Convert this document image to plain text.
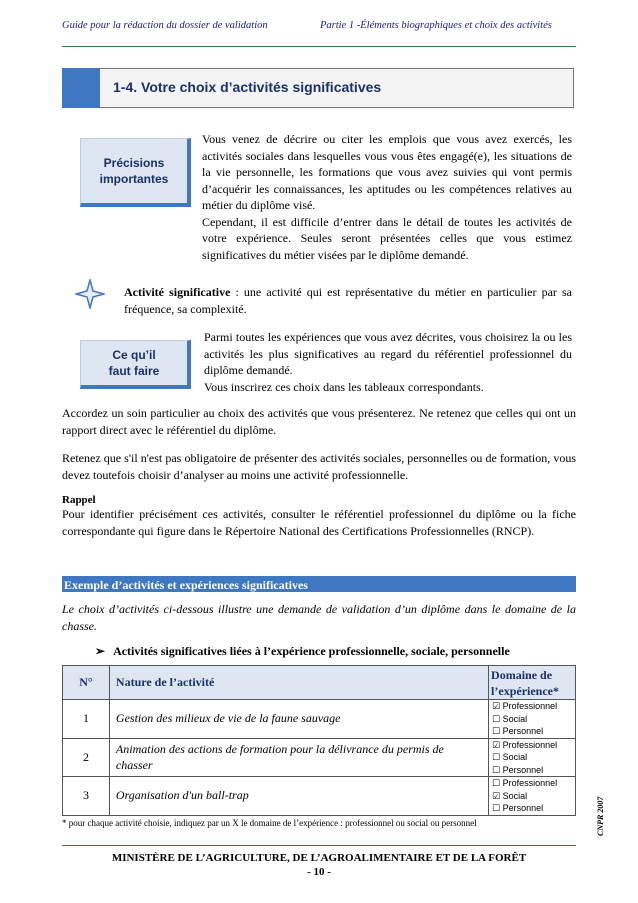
Guide pour la rédaction du dossier de validation	Partie 1 -Éléments biographiques et choix des activités
1-4. Votre choix d’activités significatives
Précisions
importantes
Vous venez de décrire ou citer les emplois que vous avez exercés, les activités sociales dans lesquelles vous vous êtes engagé(e), les situations de la vie personnelle, les formations que vous avez suivies qui vont permis d’acquérir les connaissances, les aptitudes ou les compétences relatives au métier du diplôme visé.
Cependant, il est difficile d’entrer dans le détail de toutes les activités de votre expérience. Seules seront présentées celles que vous estimez significatives du métier visées par le diplôme demandé.
Activité significative : une activité qui est représentative du métier en particulier par sa fréquence, sa complexité.
Ce qu’il
faut faire
Parmi toutes les expériences que vous avez décrites, vous choisirez la ou les activités les plus significatives au regard du référentiel professionnel du diplôme demandé.
Vous inscrirez ces choix dans les tableaux correspondants.
Accordez un soin particulier au choix des activités que vous présenterez. Ne retenez que celles qui ont un rapport direct avec le référentiel du diplôme.
Retenez que s'il n'est pas obligatoire de présenter des activités sociales, personnelles ou de formation, vous devez toutefois choisir d’analyser au moins une activité professionnelle.
Rappel
Pour identifier précisément ces activités, consulter le référentiel professionnel du diplôme ou la fiche correspondante qui figure dans le Répertoire National des Certifications Professionnelles (RNCP).
Exemple d’activités et expériences significatives
Le choix d’activités ci-dessous illustre une demande de validation d’un diplôme dans le domaine de la chasse.
➢ Activités significatives liées à l’expérience professionnelle, sociale, personnelle
N°	Nature de l’activité	Domaine de
l’expérience*

1	Gestion des milieux de vie de la faune sauvage	☑ Professionnel
☐ Social
☐ Personnel

2	Animation des actions de formation pour la délivrance du permis de chasser	☑ Professionnel
☐ Social
☐ Personnel

3	Organisation d'un ball-trap	☐ Professionnel
☑ Social
☐ Personnel
* pour chaque activité choisie, indiquez par un X le domaine de l’expérience : professionnel ou social ou personnel	CNPR 2007
MINISTÈRE DE L’AGRICULTURE, DE L’AGROALIMENTAIRE ET DE LA FORÊT
- 10 -
